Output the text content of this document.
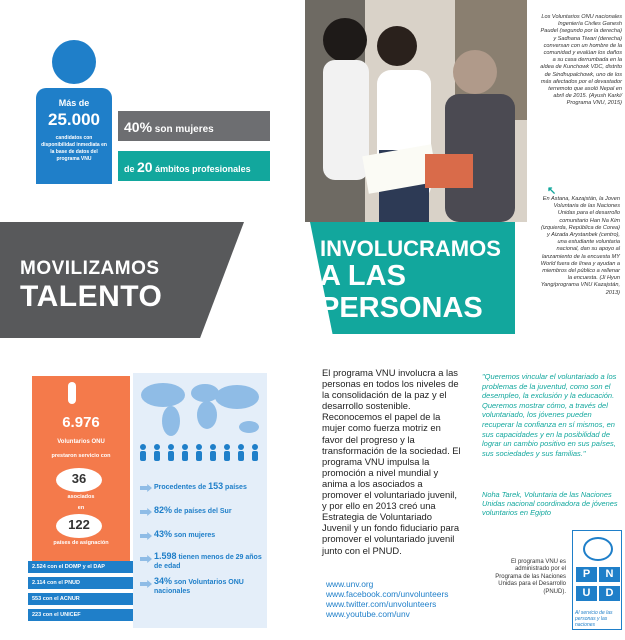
Más de
25.000
candidatos con disponibilidad inmediata en la base de datos del programa VNU
40% son mujeres
de 20 ámbitos profesionales
MOVILIZAMOS
TALENTO
Los Voluntarios ONU nacionales Ingeniería Civiles Ganesh Paudel (segundo por la derecha) y Sadhana Tiwari (derecha) conversan con un hombre de la comunidad y evalúan los daños a su casa derrumbada en la aldea de Kunchowk VDC, distrito de Sindhupalchowk, uno de los más afectados por el devastador terremoto que asoló Nepal en abril de 2015. (Ayush Karki/ Programa VNU, 2015)
↖
En Astana, Kazajstán, la Joven Voluntaria de las Naciones Unidas para el desarrollo comunitario Han Na Kim (izquierda, República de Corea) y Aizada Arystanbek (centro), una estudiante voluntaria nacional, dan su apoyo al lanzamiento de la encuesta MY World fuera de línea y ayudan a miembros del público a rellenar la encuesta. (Ji Hyun Yang/programa VNU Kazajstán, 2013)
INVOLUCRAMOS
A LAS
PERSONAS
6.976
Voluntarios ONU
prestaron servicio con
36
asociados
en
122
países de asignación
2.524 con el DOMP y el DAP
2.114 con el PNUD
553 con el ACNUR
223 con el UNICEF
Procedentes de 153 países
82% de países del Sur
43% son mujeres
1.598 tienen menos de 29 años de edad
34% son Voluntarios ONU nacionales
El programa VNU involucra a las personas en todos los niveles de la consolidación de la paz y el desarrollo sostenible. Reconocemos el papel de la mujer como fuerza motriz en favor del progreso y la transformación de la sociedad. El programa VNU impulsa la promoción a nivel mundial y anima a los asociados a promover el voluntariado juvenil, y por ello en 2013 creó una Estrategia de Voluntariado Juvenil y un fondo fiduciario para promover el voluntariado juvenil junto con el PNUD.
www.unv.org
www.facebook.com/unvolunteers
www.twitter.com/unvolunteers
www.youtube.com/unv
"Queremos vincular el voluntariado a los problemas de la juventud, como son el desempleo, la exclusión y la educación. Queremos mostrar cómo, a través del voluntariado, los jóvenes pueden recuperar la confianza en sí mismos, en sus capacidades y en la posibilidad de lograr un cambio positivo en sus países, sus sociedades y sus familias."
Noha Tarek, Voluntaria de las Naciones Unidas nacional coordinadora de jóvenes voluntarios en Egipto
El programa VNU es administrado por el Programa de las Naciones Unidas para el Desarrollo (PNUD).
P	N
U	D
Al servicio de las personas y las naciones
